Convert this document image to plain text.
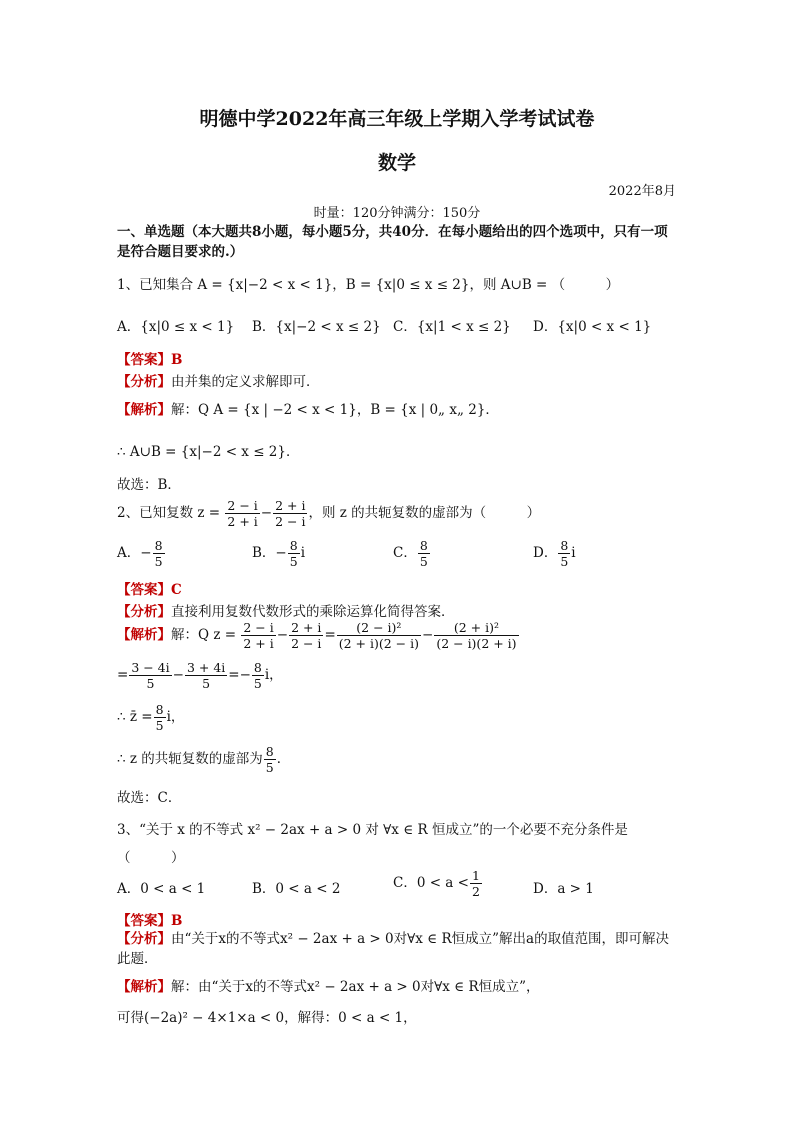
明德中学2022年高三年级上学期入学考试试卷
数学
2022年8月
时量：120分钟满分：150分
一、单选题（本大题共8小题，每小题5分，共40分．在每小题给出的四个选项中，只有一项是符合题目要求的.）
1、已知集合 A = {x|−2 < x < 1}，B = {x|0 ≤ x ≤ 2}，则 A∪B = （　　　）
A．{x|0 ≤ x < 1} B．{x|−2 < x ≤ 2} C．{x|1 < x ≤ 2} D．{x|0 < x < 1}
【答案】B
【分析】由并集的定义求解即可．
【解析】解：Q A = {x | −2 < x < 1}，B = {x | 0„ x„ 2}．
∴ A∪B = {x|−2 < x ≤ 2}．
故选：B．
2、已知复数 $z = \frac{2 - i}{2 + i} - \frac{2 + i}{2 - i}$ ，则 z 的共轭复数的虚部为（　　　）
A．− $\frac{8}{5}$	B．− $\frac{8}{5}$ i	C． $\frac{8}{5}$	D． $\frac{8}{5}$ i
【答案】C
【分析】直接利用复数代数形式的乘除运算化简得答案．
【解析】解：Q $z = \frac{2 - i}{2 + i} - \frac{2 + i}{2 - i} = \frac{\text{(2 − i)²}}{(2 + i)(2 - i)} - \frac{\text{(2 + i)²}}{(2 - i)(2 + i)}$
= $\frac{3 - 4i}{5} - \frac{3 + 4i}{5} =- \frac{8}{5}$ i，
∴ z̄ = $\frac{8}{5}$ i，
∴ z 的共轭复数的虚部为 $\frac{8}{5}$ ．
故选：C．
3、“关于 x 的不等式 x² − 2ax + a > 0 对 ∀x ∈ R 恒成立”的一个必要不充分条件是
（　　　）
A．0 < a < 1	B．0 < a < 2	C．$0 < a < \frac{1}{2}$	D．a > 1
【答案】B
【分析】由“关于x的不等式x² − 2ax + a > 0对∀x ∈ R恒成立”解出a的取值范围，即可解决此题．
【解析】解：由“关于x的不等式x² − 2ax + a > 0对∀x ∈ R恒成立”，
可得(−2a)² − 4×1×a < 0，解得：0 < a < 1，
